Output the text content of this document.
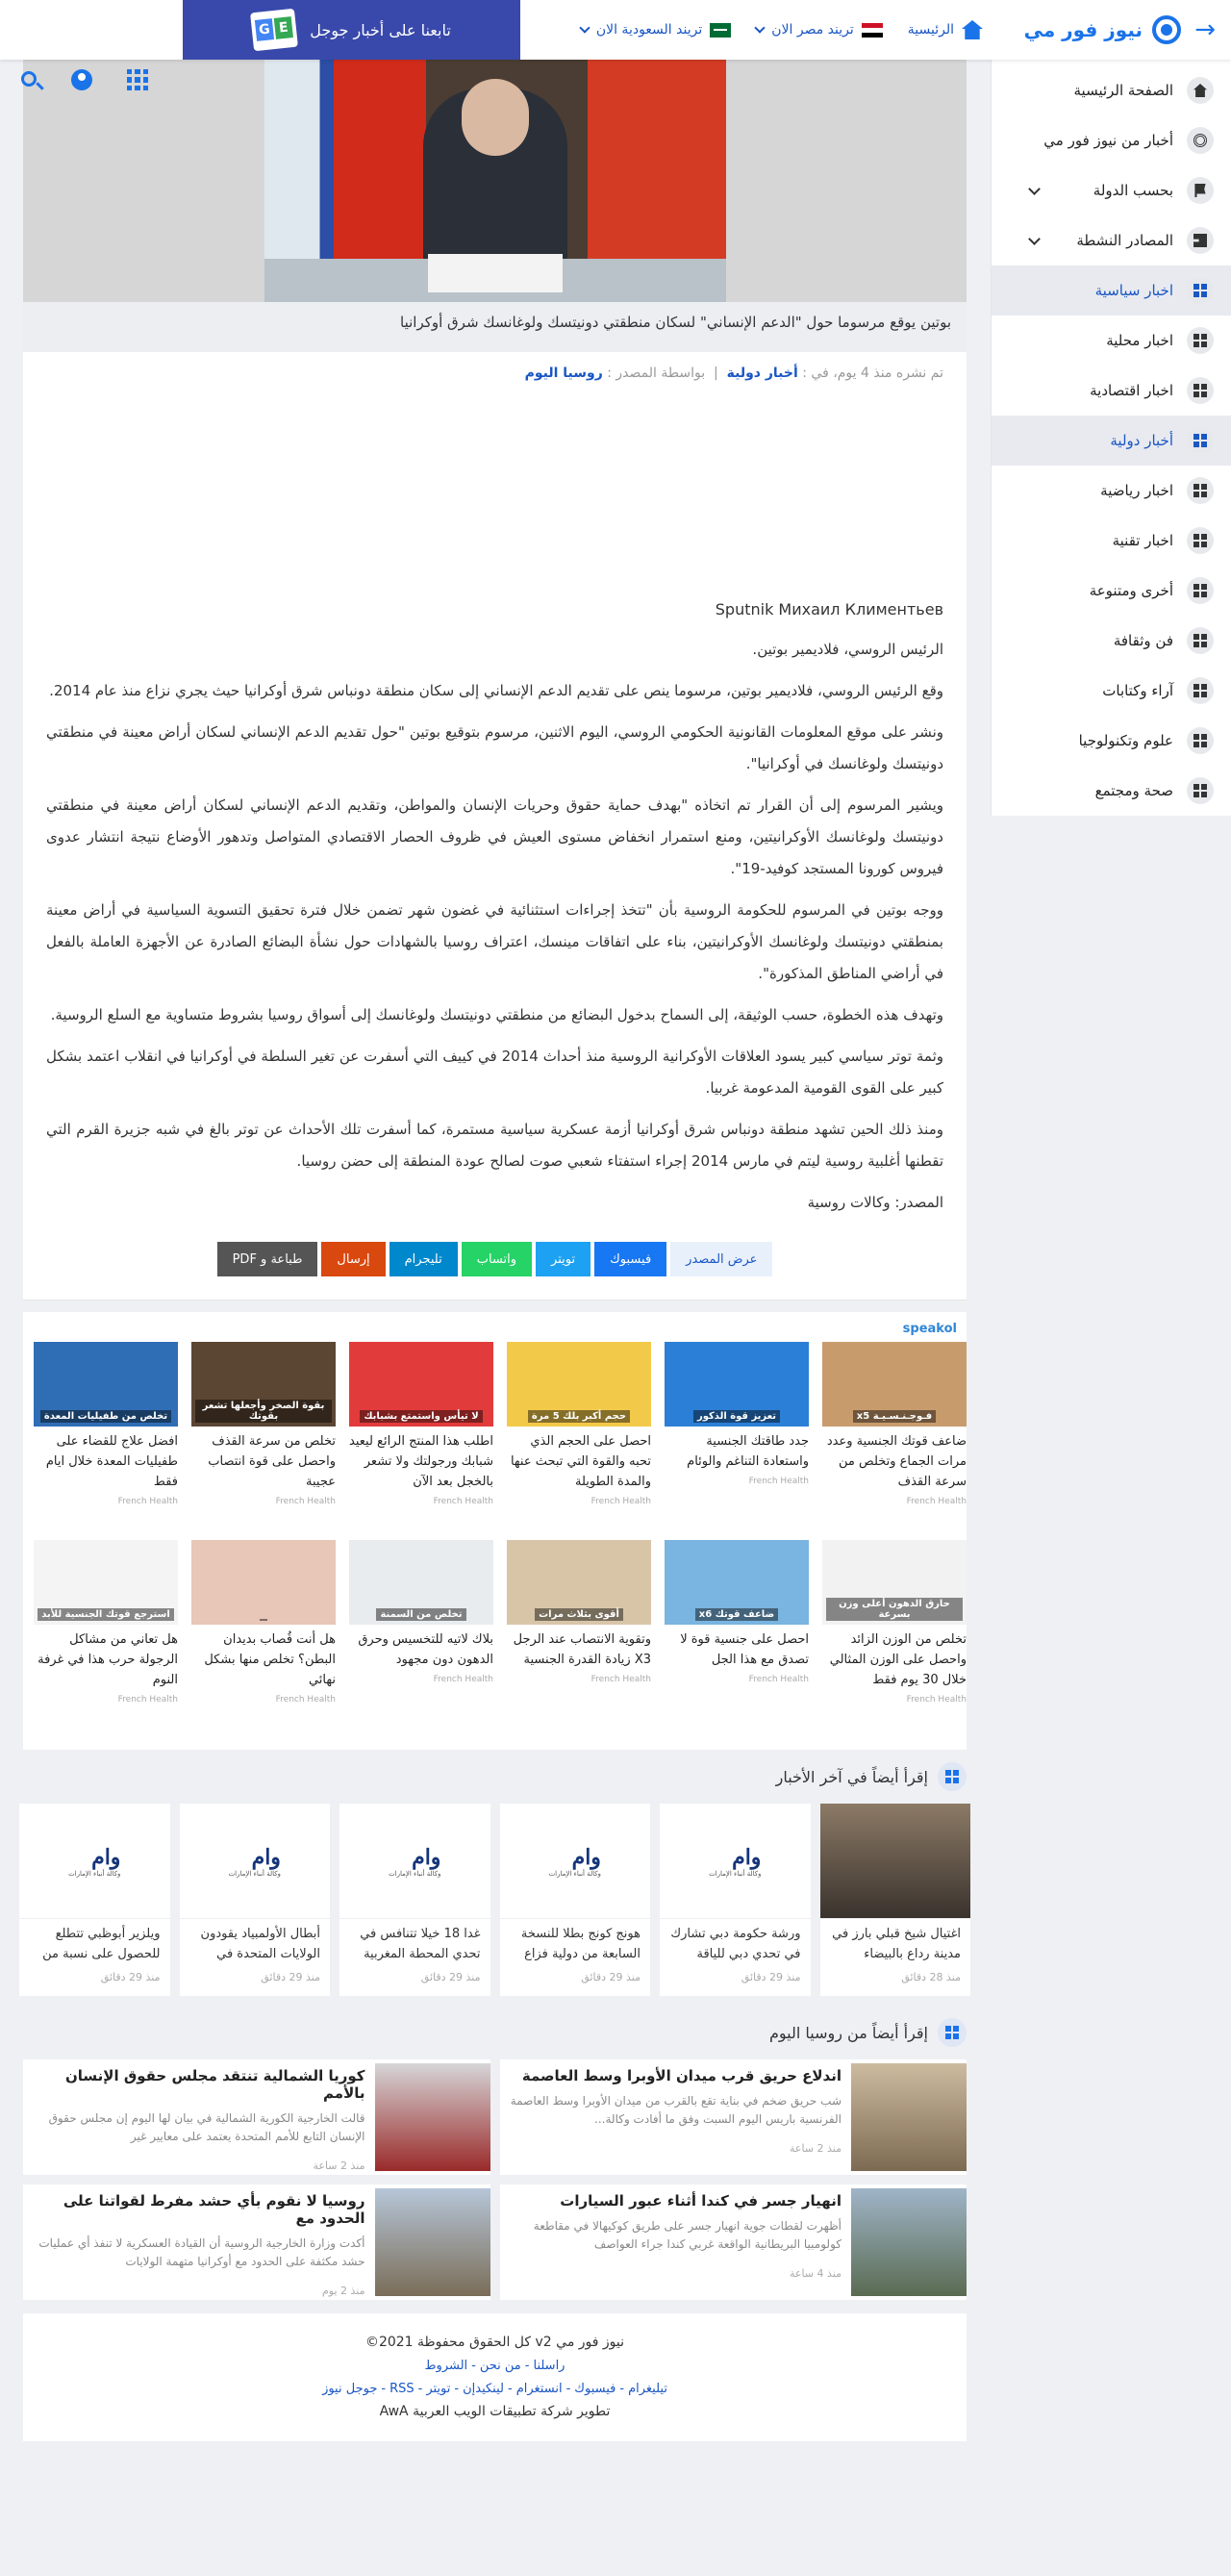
→
نيوز فور مي
الرئيسية
تريند مصر الان
تريند السعودية الان
تابعنا على أخبار جوجل
G E
الصفحة الرئيسية
أخبار من نيوز فور مي
بحسب الدولة
المصادر النشطة
اخبار سياسية
اخبار محلية
اخبار اقتصادية
أخبار دولية
اخبار رياضية
اخبار تقنية
أخرى ومتنوعة
فن وثقافة
آراء وكتابات
علوم وتكنولوجيا
صحة ومجتمع
بوتين يوقع مرسوما حول "الدعم الإنساني" لسكان منطقتي دونيتسك ولوغانسك شرق أوكرانيا
تم نشره منذ 4 يوم، في : أخبار دولية  |  بواسطة المصدر : روسيا اليوم

Sputnik Михаил Климентьев

الرئيس الروسي، فلاديمير بوتين.

وقع الرئيس الروسي، فلاديمير بوتين، مرسوما ينص على تقديم الدعم الإنساني إلى سكان منطقة دونباس شرق أوكرانيا حيث يجري نزاع منذ عام 2014.

ونشر على موقع المعلومات القانونية الحكومي الروسي، اليوم الاثنين، مرسوم بتوقيع بوتين "حول تقديم الدعم الإنساني لسكان أراض معينة في منطقتي دونيتسك ولوغانسك في أوكرانيا".

ويشير المرسوم إلى أن القرار تم اتخاذه "بهدف حماية حقوق وحريات الإنسان والمواطن، وتقديم الدعم الإنساني لسكان أراض معينة في منطقتي دونيتسك ولوغانسك الأوكرانيتين، ومنع استمرار انخفاض مستوى العيش في ظروف الحصار الاقتصادي المتواصل وتدهور الأوضاع نتيجة انتشار عدوى فيروس كورونا المستجد كوفيد-19".

ووجه بوتين في المرسوم للحكومة الروسية بأن "تتخذ إجراءات استثنائية في غضون شهر تضمن خلال فترة تحقيق التسوية السياسية في أراض معينة بمنطقتي دونيتسك ولوغانسك الأوكرانيتين، بناء على اتفاقات مينسك، اعتراف روسيا بالشهادات حول نشأة البضائع الصادرة عن الأجهزة العاملة بالفعل في أراضي المناطق المذكورة".

وتهدف هذه الخطوة، حسب الوثيقة، إلى السماح بدخول البضائع من منطقتي دونيتسك ولوغانسك إلى أسواق روسيا بشروط متساوية مع السلع الروسية.

وثمة توتر سياسي كبير يسود العلاقات الأوكرانية الروسية منذ أحداث 2014 في كييف التي أسفرت عن تغير السلطة في أوكرانيا في انقلاب اعتمد بشكل كبير على القوى القومية المدعومة غربيا.

ومنذ ذلك الحين تشهد منطقة دونباس شرق أوكرانيا أزمة عسكرية سياسية مستمرة، كما أسفرت تلك الأحداث عن توتر بالغ في شبه جزيرة القرم التي تقطنها أغلبية روسية ليتم في مارس 2014 إجراء استفتاء شعبي صوت لصالح عودة المنطقة إلى حضن روسيا.

المصدر: وكالات روسية

عرض المصدر
فيسبوك
تويتر
واتساب
تليجرام
إرسال
طباعة و PDF
speakol
فـوجـنـسـيـة x5
ضاعف قوتك الجنسية وعدد مرات الجماع وتخلص من سرعة القذف
French Health
تعزيز قوة الذكور
جدد طاقتك الجنسية واستعادة التناغم والوئام
French Health
حجم أكبر بلك 5 مرة
احصل على الحجم الذي تحبه والقوة التي تبحث عنها والمدة الطويلة
French Health
لا تيأس واستمتع بشبابك
اطلب هذا المنتج الرائع ليعيد شبابك ورجولتك ولا تشعر بالخجل بعد الآن
French Health
بقوة الصخر وأجعلها تشعر بقوتك
تخلص من سرعة القذف واحصل على قوة انتصاب عجيبة
French Health
تخلص من طفيليات المعدة
افضل علاج للقضاء على طفيليات المعدة خلال ايام فقط
French Health
حارق الدهون أعلى وزن بسرعة
تخلص من الوزن الزائد واحصل على الوزن المثالي خلال 30 يوم فقط
French Health
ضاعف قوتك x6
احصل على جنسية قوة لا تصدق مع هذا الجل
French Health
أقوى بثلاث مرات
وتقوية الانتصاب عند الرجل X3 زيادة القدرة الجنسية
French Health
تخلص من السمنة
بلاك لاتيه للتخسيس وحرق الدهون دون مجهود
French Health
هل أنت قُصاب بديدان البطن؟ تخلص منها بشكل نهائي
French Health
استرجع قوتك الجنسية للأبد
هل تعاني من مشاكل الرجولة حرب هذا في غرفة النوم
French Health
إقرأ أيضاً في آخر الأخبار
اغتيال شيخ قبلي بارز في مدينة رداع بالبيضاء
منذ 28 دقائق
وام
وكالة أنباء الإمارات
ورشة حكومة دبي تشارك في تحدي دبي للياقة
منذ 29 دقائق
وام
وكالة أنباء الإمارات
هونج كونج بطلا للنسخة السابعة من دولية فزاع
منذ 29 دقائق
وام
وكالة أنباء الإمارات
غدا 18 خيلا تتنافس في تحدي المحطة المغربية
منذ 29 دقائق
وام
وكالة أنباء الإمارات
أبطال الأولمبياد يقودون الولايات المتحدة في
منذ 29 دقائق
وام
وكالة أنباء الإمارات
ويلزير أبوظبي تتطلع للحصول على نسبة من
منذ 29 دقائق
إقرأ أيضاً من روسيا اليوم
اندلاع حريق قرب ميدان الأوبرا وسط العاصمة
شب حريق ضخم في بناية تقع بالقرب من ميدان الأوبرا وسط العاصمة الفرنسية باريس اليوم السبت وفق ما أفادت وكالة...
منذ 2 ساعة
كوريا الشمالية تنتقد مجلس حقوق الإنسان بالأمم
قالت الخارجية الكورية الشمالية في بيان لها اليوم إن مجلس حقوق الإنسان التابع للأمم المتحدة يعتمد على معايير غير
منذ 2 ساعة
انهيار جسر في كندا أثناء عبور السيارات
أظهرت لقطات جوية انهيار جسر على طريق كوكيهالا في مقاطعة كولومبيا البريطانية الواقعة غربي كندا جراء العواصف
منذ 4 ساعة
روسيا لا نقوم بأي حشد مفرط لقواتنا على الحدود مع
أكدت وزارة الخارجية الروسية أن القيادة العسكرية لا تنفذ أي عمليات حشد مكثفة على الحدود مع أوكرانيا متهمة الولايات
منذ 2 يوم
نيوز فور مي v2 كل الحقوق محفوظة 2021©
راسلنا-من نحن-الشروط
تيليغرام-فيسبوك-انستغرام-لينكيدإن-تويتر-RSS-جوجل نيوز
تطوير شركة تطبيقات الويب العربية AwA
